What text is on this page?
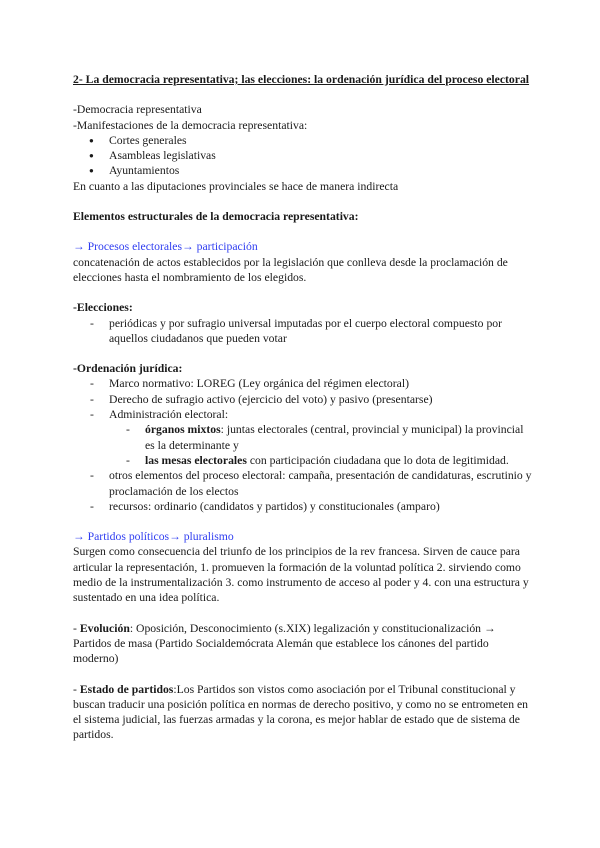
2- La democracia representativa; las elecciones: la ordenación jurídica del proceso electoral

-Democracia representativa
-Manifestaciones de la democracia representativa:
● Cortes generales
● Asambleas legislativas
● Ayuntamientos
En cuanto a las diputaciones provinciales se hace de manera indirecta
Elementos estructurales de la democracia representativa:
→ Procesos electorales→ participación
concatenación de actos establecidos por la legislación que conlleva desde la proclamación de elecciones hasta el nombramiento de los elegidos.
-Elecciones:
- periódicas y por sufragio universal imputadas por el cuerpo electoral compuesto por aquellos ciudadanos que pueden votar
-Ordenación jurídica:
- Marco normativo: LOREG (Ley orgánica del régimen electoral)
- Derecho de sufragio activo (ejercicio del voto) y pasivo (presentarse)
- Administración electoral:
- órganos mixtos: juntas electorales (central, provincial y municipal) la provincial es la determinante y
- las mesas electorales con participación ciudadana que lo dota de legitimidad.
- otros elementos del proceso electoral: campaña, presentación de candidaturas, escrutinio y proclamación de los electos
- recursos: ordinario (candidatos y partidos) y constitucionales (amparo)
→ Partidos políticos→ pluralismo
Surgen como consecuencia del triunfo de los principios de la rev francesa. Sirven de cauce para articular la representación, 1. promueven la formación de la voluntad política 2. sirviendo como medio de la instrumentalización 3. como instrumento de acceso al poder y 4. con una estructura y sustentado en una idea política.
- Evolución: Oposición, Desconocimiento (s.XIX) legalización y constitucionalización → Partidos de masa (Partido Socialdemócrata Alemán que establece los cánones del partido moderno)
- Estado de partidos:Los Partidos son vistos como asociación por el Tribunal constitucional y buscan traducir una posición política en normas de derecho positivo, y como no se entrometen en el sistema judicial, las fuerzas armadas y la corona, es mejor hablar de estado que de sistema de partidos.
